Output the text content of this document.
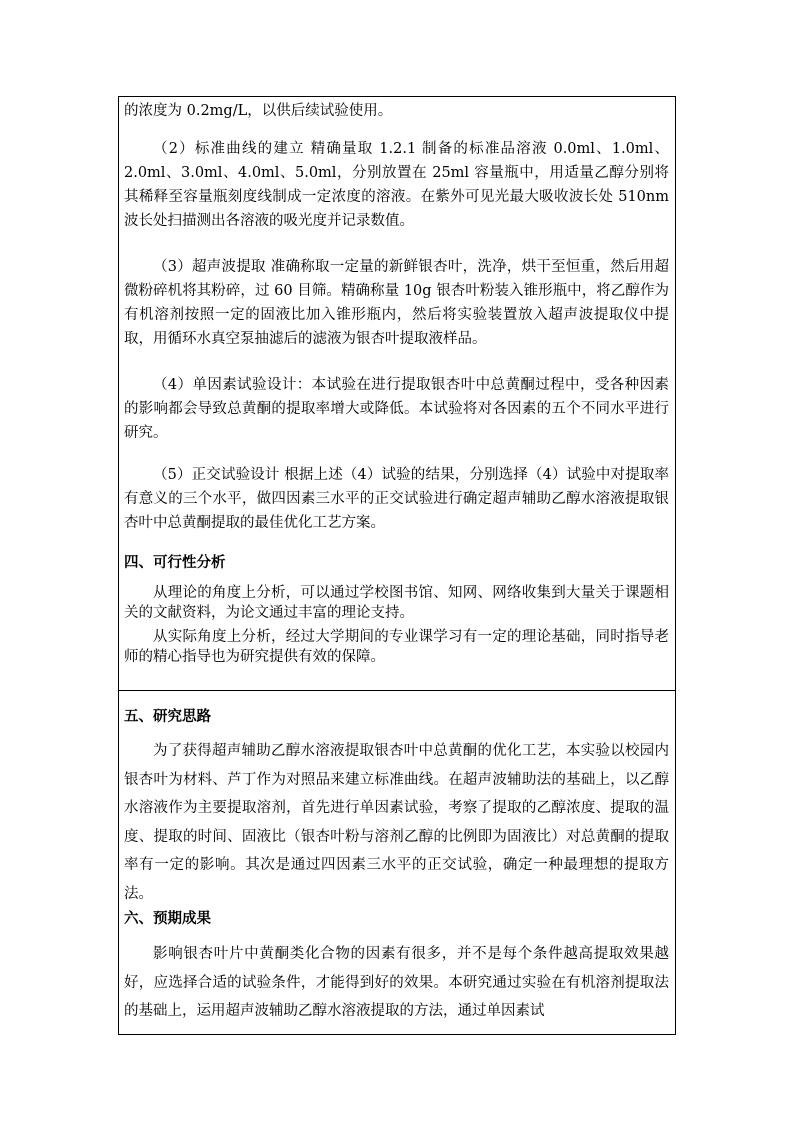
的浓度为 0.2mg/L，以供后续试验使用。

（2）标准曲线的建立 精确量取 1.2.1 制备的标准品溶液 0.0ml、1.0ml、2.0ml、3.0ml、4.0ml、5.0ml，分别放置在 25ml 容量瓶中，用适量乙醇分别将其稀释至容量瓶刻度线制成一定浓度的溶液。在紫外可见光最大吸收波长处 510nm 波长处扫描测出各溶液的吸光度并记录数值。

（3）超声波提取 准确称取一定量的新鲜银杏叶，洗净，烘干至恒重，然后用超微粉碎机将其粉碎，过 60 目筛。精确称量 10g 银杏叶粉装入锥形瓶中，将乙醇作为有机溶剂按照一定的固液比加入锥形瓶内，然后将实验装置放入超声波提取仪中提取，用循环水真空泵抽滤后的滤液为银杏叶提取液样品。

（4）单因素试验设计：本试验在进行提取银杏叶中总黄酮过程中，受各种因素的影响都会导致总黄酮的提取率增大或降低。本试验将对各因素的五个不同水平进行研究。

（5）正交试验设计 根据上述（4）试验的结果，分别选择（4）试验中对提取率有意义的三个水平，做四因素三水平的正交试验进行确定超声辅助乙醇水溶液提取银杏叶中总黄酮提取的最佳优化工艺方案。

四、可行性分析

从理论的角度上分析，可以通过学校图书馆、知网、网络收集到大量关于课题相关的文献资料，为论文通过丰富的理论支持。

从实际角度上分析，经过大学期间的专业课学习有一定的理论基础，同时指导老师的精心指导也为研究提供有效的保障。

五、研究思路

为了获得超声辅助乙醇水溶液提取银杏叶中总黄酮的优化工艺，本实验以校园内银杏叶为材料、芦丁作为对照品来建立标准曲线。在超声波辅助法的基础上，以乙醇水溶液作为主要提取溶剂，首先进行单因素试验，考察了提取的乙醇浓度、提取的温度、提取的时间、固液比（银杏叶粉与溶剂乙醇的比例即为固液比）对总黄酮的提取率有一定的影响。其次是通过四因素三水平的正交试验，确定一种最理想的提取方法。

六、预期成果

影响银杏叶片中黄酮类化合物的因素有很多，并不是每个条件越高提取效果越好，应选择合适的试验条件，才能得到好的效果。本研究通过实验在有机溶剂提取法的基础上，运用超声波辅助乙醇水溶液提取的方法，通过单因素试
